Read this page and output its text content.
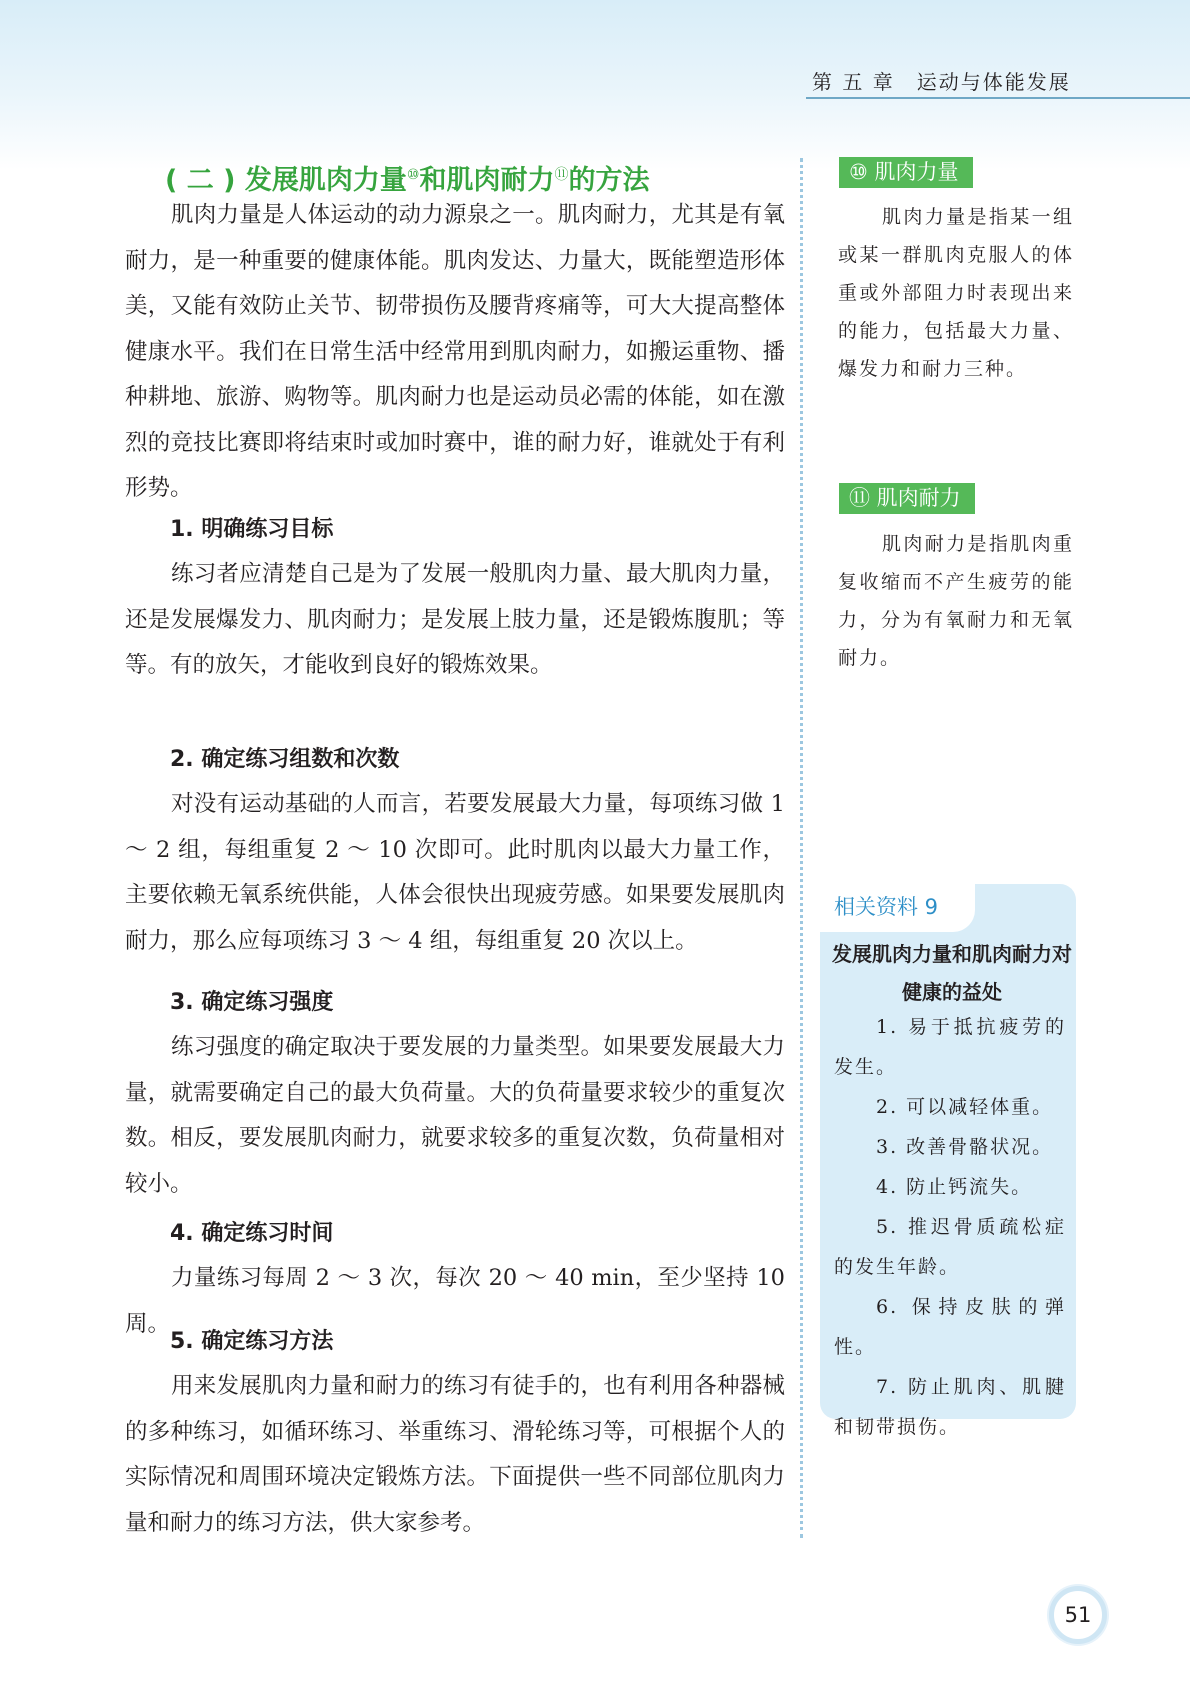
第 五 章　运动与体能发展
( 二 ) 发展肌肉力量⑩和肌肉耐力⑪的方法

肌肉力量是人体运动的动力源泉之一。肌肉耐力，尤其是有氧耐力，是一种重要的健康体能。肌肉发达、力量大，既能塑造形体美，又能有效防止关节、韧带损伤及腰背疼痛等，可大大提高整体健康水平。我们在日常生活中经常用到肌肉耐力，如搬运重物、播种耕地、旅游、购物等。肌肉耐力也是运动员必需的体能，如在激烈的竞技比赛即将结束时或加时赛中，谁的耐力好，谁就处于有利形势。

1. 明确练习目标

练习者应清楚自己是为了发展一般肌肉力量、最大肌肉力量，还是发展爆发力、肌肉耐力；是发展上肢力量，还是锻炼腹肌；等等。有的放矢，才能收到良好的锻炼效果。

2. 确定练习组数和次数

对没有运动基础的人而言，若要发展最大力量，每项练习做 1 ～ 2 组，每组重复 2 ～ 10 次即可。此时肌肉以最大力量工作，主要依赖无氧系统供能，人体会很快出现疲劳感。如果要发展肌肉耐力，那么应每项练习 3 ～ 4 组，每组重复 20 次以上。

3. 确定练习强度

练习强度的确定取决于要发展的力量类型。如果要发展最大力量，就需要确定自己的最大负荷量。大的负荷量要求较少的重复次数。相反，要发展肌肉耐力，就要求较多的重复次数，负荷量相对较小。

4. 确定练习时间

力量练习每周 2 ～ 3 次，每次 20 ～ 40 min，至少坚持 10 周。

5. 确定练习方法

用来发展肌肉力量和耐力的练习有徒手的，也有利用各种器械的多种练习，如循环练习、举重练习、滑轮练习等，可根据个人的实际情况和周围环境决定锻炼方法。下面提供一些不同部位肌肉力量和耐力的练习方法，供大家参考。

⑩ 肌肉力量

肌肉力量是指某一组或某一群肌肉克服人的体重或外部阻力时表现出来的能力，包括最大力量、爆发力和耐力三种。

⑪ 肌肉耐力

肌肉耐力是指肌肉重复收缩而不产生疲劳的能力，分为有氧耐力和无氧耐力。

相关资料 9
发展肌肉力量和肌肉耐力对健康的益处
1. 易于抵抗疲劳的发生。
2. 可以减轻体重。
3. 改善骨骼状况。
4. 防止钙流失。
5. 推迟骨质疏松症的发生年龄。
6. 保持皮肤的弹性。
7. 防止肌肉、肌腱和韧带损伤。
51
